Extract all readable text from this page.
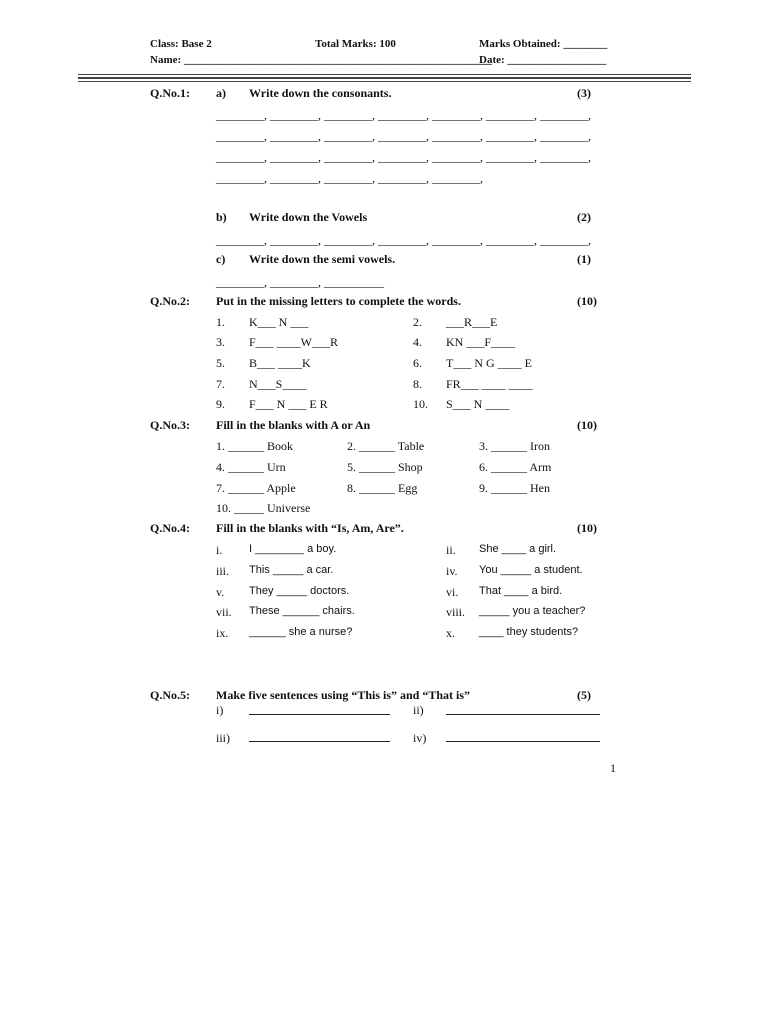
Class: Base 2	Total Marks: 100	Marks Obtained: ________
Name: ________________________________________________________
Date: __________________
Q.No.1: a) Write down the consonants.	(3)
________, ________, ________, ________, ________, ________, ________,
________, ________, ________, ________, ________, ________, ________,
________, ________, ________, ________, ________, ________, ________,
________, ________, ________, ________, ________,
b) Write down the Vowels	(2)
________, ________, ________, ________, ________, ________, ________,
c) Write down the semi vowels.	(1)
________, ________, __________
Q.No.2: Put in the missing letters to complete the words.	(10)
1. K___ N ___	2. ___R___E
3. F___ ____W___R	4. KN ___F____
5. B___ ____K	6. T___ N G ____ E
7. N___S____	8. FR___ ____ ____
9. F___ N ___ E R	10. S___ N ____
Q.No.3: Fill in the blanks with A or An	(10)
1. ______ Book	2. ______ Table	3. ______ Iron
4. ______ Urn	5. ______ Shop	6. ______ Arm
7. ______ Apple	8. ______ Egg	9. ______ Hen
10. _____ Universe
Q.No.4: Fill in the blanks with “Is, Am, Are”.	(10)
i. I ________ a boy.	ii. She ____ a girl.
iii. This _____ a car.	iv. You _____ a student.
v. They _____ doctors.	vi. That ____ a bird.
vii. These ______ chairs.	viii. _____ you a teacher?
ix. ______ she a nurse?	x. ____ they students?
Q.No.5: Make five sentences using “This is” and “That is”	(5)
i)	ii)
iii)	iv)
1
